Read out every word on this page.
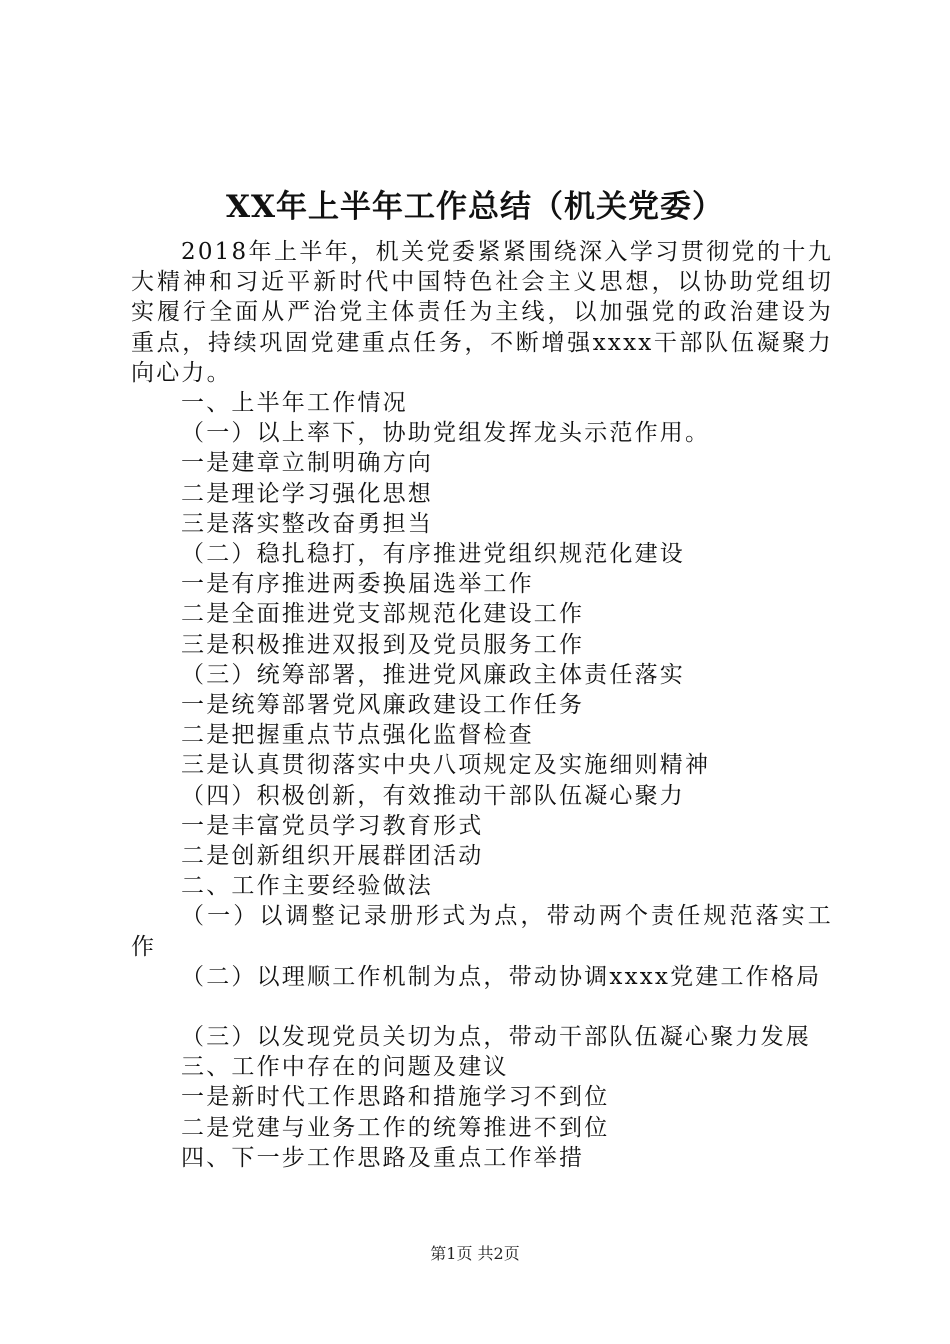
XX年上半年工作总结（机关党委）

2018年上半年，机关党委紧紧围绕深入学习贯彻党的十九大精神和习近平新时代中国特色社会主义思想，以协助党组切实履行全面从严治党主体责任为主线，以加强党的政治建设为重点，持续巩固党建重点任务，不断增强xxxx干部队伍凝聚力向心力。

一、上半年工作情况

（一）以上率下，协助党组发挥龙头示范作用。

一是建章立制明确方向

二是理论学习强化思想

三是落实整改奋勇担当

（二）稳扎稳打，有序推进党组织规范化建设

一是有序推进两委换届选举工作

二是全面推进党支部规范化建设工作

三是积极推进双报到及党员服务工作

（三）统筹部署，推进党风廉政主体责任落实

一是统筹部署党风廉政建设工作任务

二是把握重点节点强化监督检查

三是认真贯彻落实中央八项规定及实施细则精神

（四）积极创新，有效推动干部队伍凝心聚力

一是丰富党员学习教育形式

二是创新组织开展群团活动

二、工作主要经验做法

（一）以调整记录册形式为点，带动两个责任规范落实工作

（二）以理顺工作机制为点，带动协调xxxx党建工作格局

（三）以发现党员关切为点，带动干部队伍凝心聚力发展

三、工作中存在的问题及建议

一是新时代工作思路和措施学习不到位

二是党建与业务工作的统筹推进不到位

四、下一步工作思路及重点工作举措

第1页 共2页
